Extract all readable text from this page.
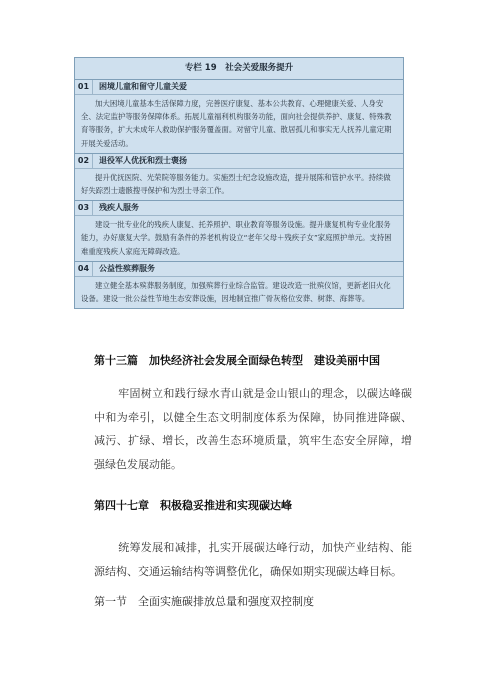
专栏 19　社会关爱服务提升
01	困境儿童和留守儿童关爱
加大困境儿童基本生活保障力度，完善医疗康复、基本公共教育、心理健康关爱、人身安全、法定监护等服务保障体系。拓展儿童福利机构服务功能，面向社会提供养护、康复、特殊教育等服务，扩大未成年人救助保护服务覆盖面。对留守儿童、散居孤儿和事实无人抚养儿童定期开展关爱活动。
02	退役军人优抚和烈士褒扬
提升优抚医院、光荣院等服务能力。实施烈士纪念设施改造，提升展陈和管护水平。持续做好失踪烈士遗骸搜寻保护和为烈士寻亲工作。
03	残疾人服务
建设一批专业化的残疾人康复、托养照护、职业教育等服务设施。提升康复机构专业化服务能力，办好康复大学。鼓励有条件的养老机构设立“老年父母＋残疾子女”家庭照护单元。支持困难重度残疾人家庭无障碍改造。
04	公益性殡葬服务
建立健全基本殡葬服务制度，加强殡葬行业综合监管。建设改造一批殡仪馆，更新老旧火化设备。建设一批公益性节地生态安葬设施，因地制宜推广骨灰格位安葬、树葬、海葬等。
第十三篇　加快经济社会发展全面绿色转型　建设美丽中国
牢固树立和践行绿水青山就是金山银山的理念，以碳达峰碳中和为牵引，以健全生态文明制度体系为保障，协同推进降碳、减污、扩绿、增长，改善生态环境质量，筑牢生态安全屏障，增强绿色发展动能。
第四十七章　积极稳妥推进和实现碳达峰
统筹发展和减排，扎实开展碳达峰行动，加快产业结构、能源结构、交通运输结构等调整优化，确保如期实现碳达峰目标。
第一节　全面实施碳排放总量和强度双控制度
